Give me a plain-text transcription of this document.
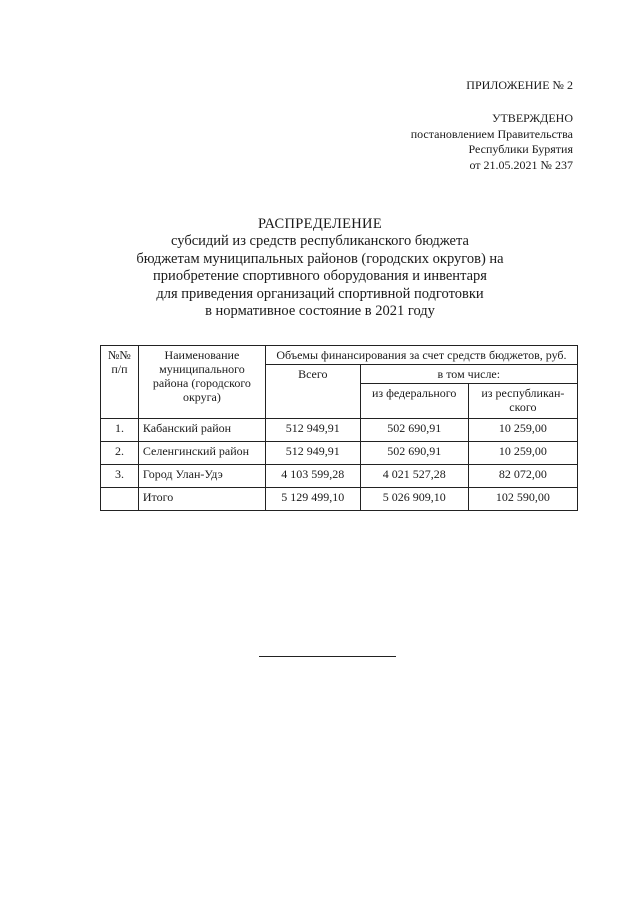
ПРИЛОЖЕНИЕ № 2
УТВЕРЖДЕНО
постановлением Правительства
Республики Бурятия
от 21.05.2021 № 237
РАСПРЕДЕЛЕНИЕ
субсидий из средств республиканского бюджета
бюджетам муниципальных районов (городских округов) на
приобретение спортивного оборудования и инвентаря
для приведения организаций спортивной подготовки
в нормативное состояние в 2021 году
№№ п/п	Наименование муниципального района (городского округа)	Объемы финансирования за счет средств бюджетов, руб.		
		Всего	в том числе:	
			из федерального	из республикан-ского
1.	Кабанский район	512 949,91	502 690,91	10 259,00
2.	Селенгинский район	512 949,91	502 690,91	10 259,00
3.	Город Улан-Удэ	4 103 599,28	4 021 527,28	82 072,00
	Итого	5 129 499,10	5 026 909,10	102 590,00
